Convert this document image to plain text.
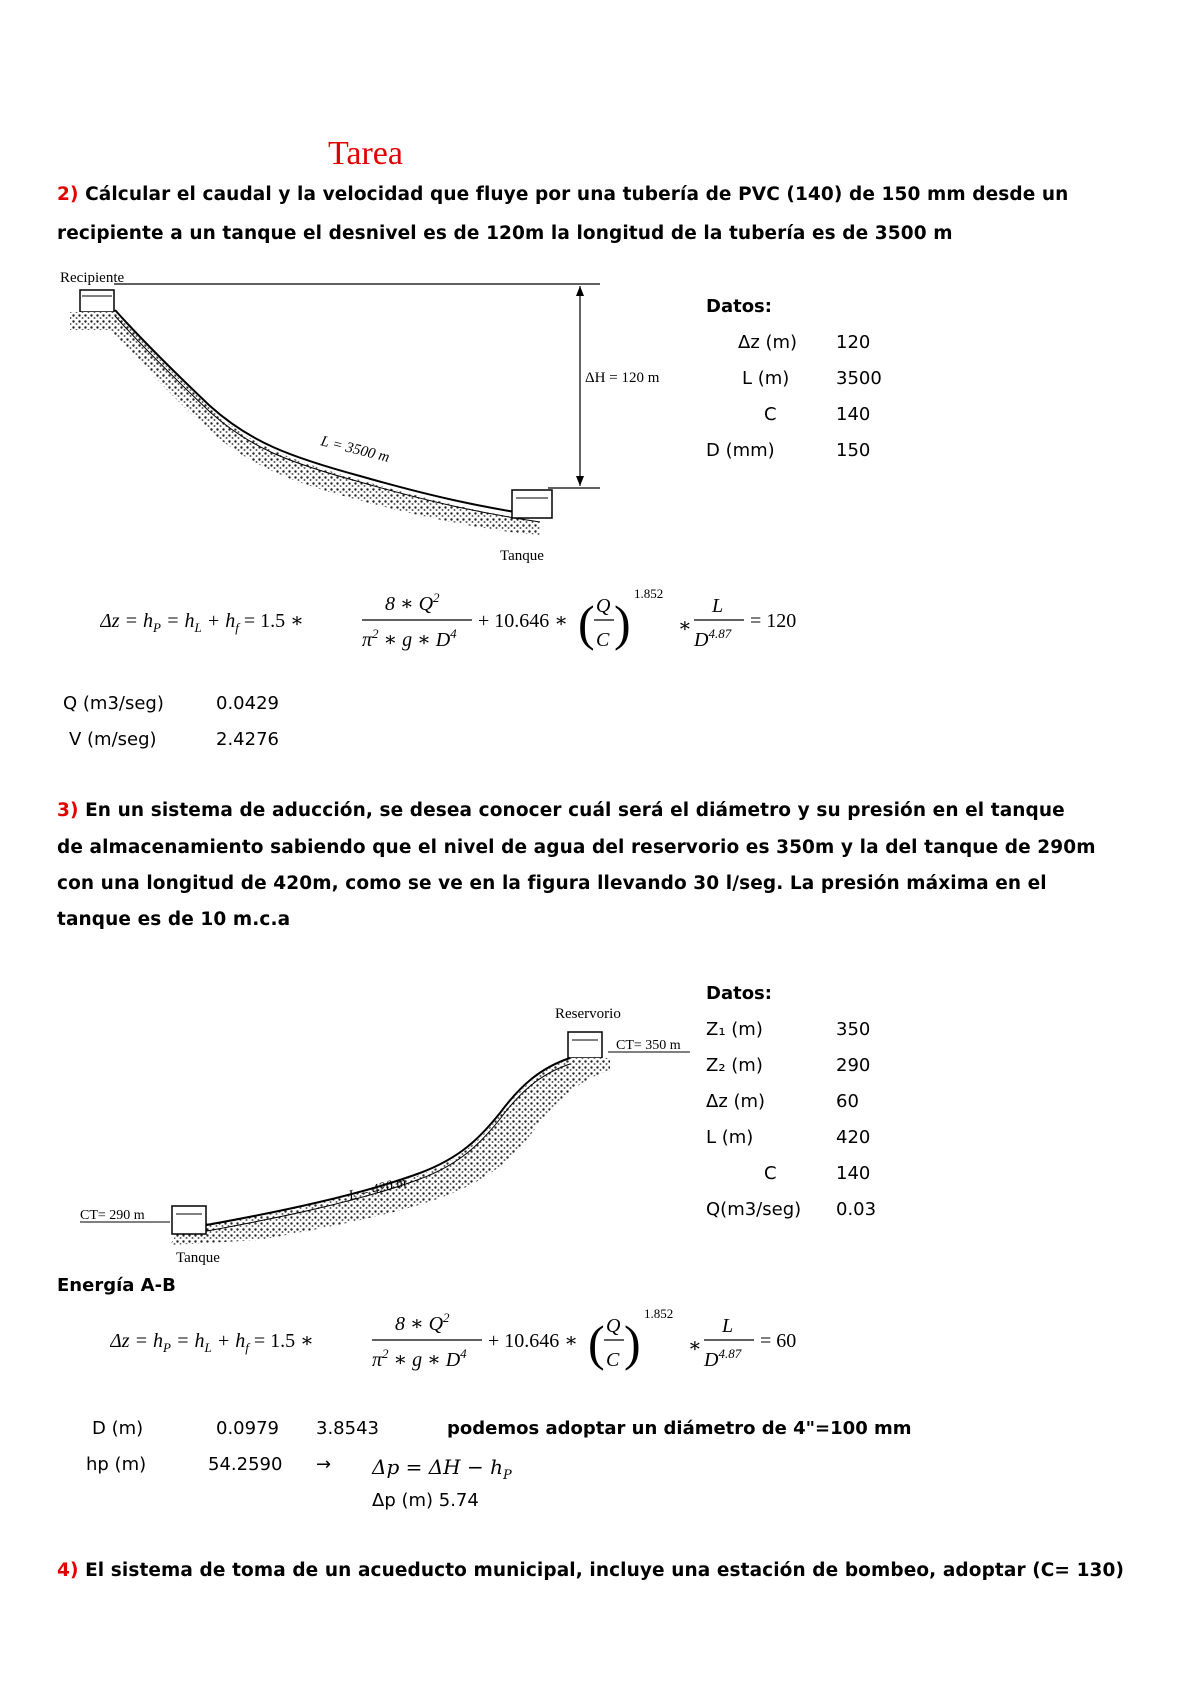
Tarea
2) Cálcular el caudal y la velocidad que fluye por una tubería de PVC (140) de 150 mm desde un
recipiente a un tanque el desnivel es de 120m la longitud de la tubería es de 3500 m
Recipiente
Tanque
ΔH = 120 m
L = 3500 m
Datos:
Δz (m) 120
L (m)	3500
C	140
D (mm)	150
$\Delta z = h_P = h_L + h_f = 1.5$ ∗
8 ∗ $Q^2$
$\pi^2$ ∗ g ∗ $D^4$
+ 10.646 ∗ ( Q
C )
1.852
∗
L
$D^{4.87}$
= 120
Q (m3/seg)	0.0429
V (m/seg)	2.4276
3) En un sistema de aducción, se desea conocer cuál será el diámetro y su presión en el tanque
de almacenamiento sabiendo que el nivel de agua del reservorio es 350m y la del tanque de 290m
con una longitud de 420m, como se ve en la figura llevando 30 l/seg. La presión máxima en el
tanque es de 10 m.c.a
Reservorio
CT= 350 m
CT= 290 m
Tanque
L = 420 m
Datos:
Z₁ (m)	350
Z₂ (m)	290
Δz (m)	60
L (m)	420
C	140
Q(m3/seg) 0.03
Energía A-B
$\Delta z = h_P = h_L + h_f = 1.5$ ∗
8 ∗ $Q^2$
$\pi^2$ ∗ g ∗ $D^4$
+ 10.646 ∗ ( Q
C )
1.852
∗
L
$D^{4.87}$
= 60
D (m)	0.0979 3.8543	podemos adoptar un diámetro de 4"=100 mm
hp (m)	$54.2590 \to \Delta p = \Delta H - h_P$
Δp (m) 5.74
4) El sistema de toma de un acueducto municipal, incluye una estación de bombeo, adoptar (C= 130)
